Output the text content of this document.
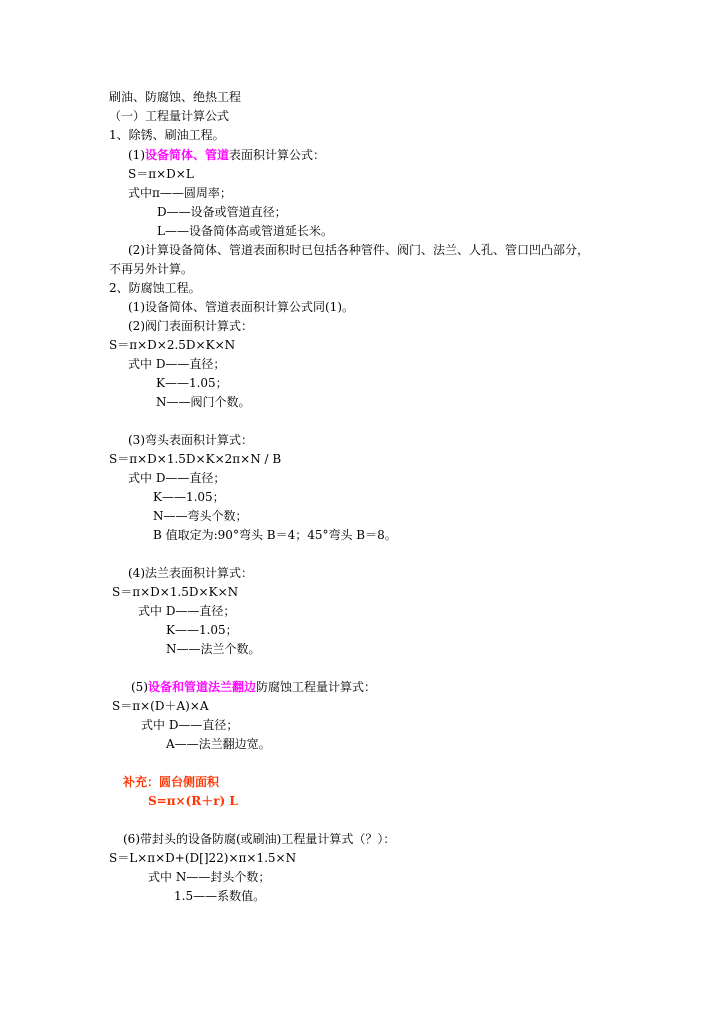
刷油、防腐蚀、绝热工程
（一）工程量计算公式
1、除锈、刷油工程。
(1)设备简体、管道表面积计算公式：
S＝π×D×L
式中π——圆周率；
D——设备或管道直径；
L——设备简体高或管道延长米。
(2)计算设备简体、管道表面积时已包括各种管件、阀门、法兰、人孔、管口凹凸部分，
不再另外计算。
2、防腐蚀工程。
(1)设备简体、管道表面积计算公式同(1)。
(2)阀门表面积计算式：
S＝π×D×2.5D×K×N
式中 D——直径；
K——1.05；
N——阀门个数。
(3)弯头表面积计算式：
S＝π×D×1.5D×K×2π×N / B
式中 D——直径；
K——1.05；
N——弯头个数；
B 值取定为:90°弯头 B＝4；45°弯头 B＝8。
(4)法兰表面积计算式：
S＝π×D×1.5D×K×N
式中 D——直径；
K——1.05；
N——法兰个数。
(5)设备和管道法兰翻边防腐蚀工程量计算式：
S＝π×(D＋A)×A
式中 D——直径；
A——法兰翻边宽。
补充：圆台侧面积
S=π×(R＋r) L
(6)带封头的设备防腐(或刷油)工程量计算式（？）：
S＝L×π×D+(D[]22)×π×1.5×N
式中 N——封头个数；
1.5——系数值。
